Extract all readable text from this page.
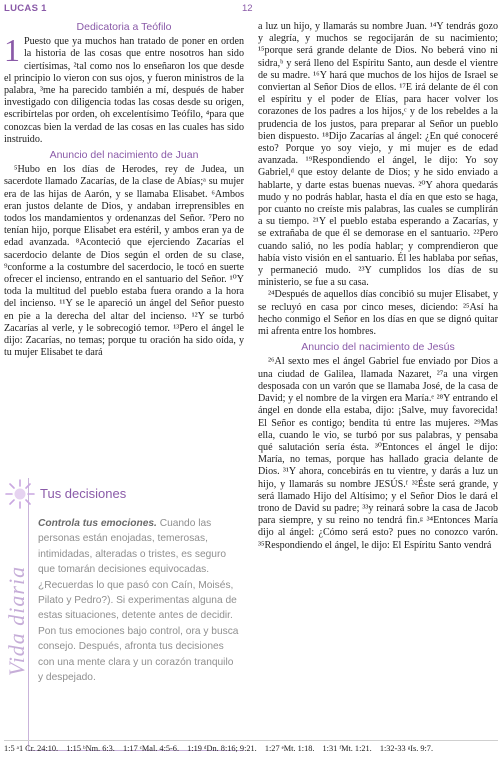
LUCAS 1	12
Dedicatoria a Teófilo

1 Puesto que ya muchos han tratado de poner en orden la historia de las cosas que entre nosotros han sido ciertísimas, ²tal como nos lo enseñaron los que desde el principio lo vieron con sus ojos, y fueron ministros de la palabra, ³me ha parecido también a mí, después de haber investigado con diligencia todas las cosas desde su origen, escribírtelas por orden, oh excelentísimo Teófilo, ⁴para que conozcas bien la verdad de las cosas en las cuales has sido instruido.

Anuncio del nacimiento de Juan

⁵Hubo en los días de Herodes, rey de Judea, un sacerdote llamado Zacarías, de la clase de Abías;ᵃ su mujer era de las hijas de Aarón, y se llamaba Elisabet. ⁶Ambos eran justos delante de Dios, y andaban irreprensibles en todos los mandamientos y ordenanzas del Señor. ⁷Pero no tenían hijo, porque Elisabet era estéril, y ambos eran ya de edad avanzada. ⁸Aconteció que ejerciendo Zacarías el sacerdocio delante de Dios según el orden de su clase, ⁹conforme a la costumbre del sacerdocio, le tocó en suerte ofrecer el incienso, entrando en el santuario del Señor. ¹⁰Y toda la multitud del pueblo estaba fuera orando a la hora del incienso. ¹¹Y se le apareció un ángel del Señor puesto en pie a la derecha del altar del incienso. ¹²Y se turbó Zacarías al verle, y le sobrecogió temor. ¹³Pero el ángel le dijo: Zacarías, no temas; porque tu oración ha sido oída, y tu mujer Elisabet te dará

Vida diaria
Tus decisiones
Controla tus emociones. Cuando las personas están enojadas, temerosas, intimidadas, alteradas o tristes, es seguro que tomarán decisiones equivocadas. ¿Recuerdas lo que pasó con Caín, Moisés, Pilato y Pedro?). Si experimentas alguna de estas situaciones, detente antes de decidir. Pon tus emociones bajo control, ora y busca consejo. Después, afronta tus decisiones con una mente clara y un corazón tranquilo y despejado.

a luz un hijo, y llamarás su nombre Juan. ¹⁴Y tendrás gozo y alegría, y muchos se regocijarán de su nacimiento; ¹⁵porque será grande delante de Dios. No beberá vino ni sidra,ᵇ y será lleno del Espíritu Santo, aun desde el vientre de su madre. ¹⁶Y hará que muchos de los hijos de Israel se conviertan al Señor Dios de ellos. ¹⁷E irá delante de él con el espíritu y el poder de Elías, para hacer volver los corazones de los padres a los hijos,ᶜ y de los rebeldes a la prudencia de los justos, para preparar al Señor un pueblo bien dispuesto. ¹⁸Dijo Zacarías al ángel: ¿En qué conoceré esto? Porque yo soy viejo, y mi mujer es de edad avanzada. ¹⁹Respondiendo el ángel, le dijo: Yo soy Gabriel,ᵈ que estoy delante de Dios; y he sido enviado a hablarte, y darte estas buenas nuevas. ²⁰Y ahora quedarás mudo y no podrás hablar, hasta el día en que esto se haga, por cuanto no creíste mis palabras, las cuales se cumplirán a su tiempo. ²¹Y el pueblo estaba esperando a Zacarías, y se extrañaba de que él se demorase en el santuario. ²²Pero cuando salió, no les podía hablar; y comprendieron que había visto visión en el santuario. Él les hablaba por señas, y permaneció mudo. ²³Y cumplidos los días de su ministerio, se fue a su casa.

²⁴Después de aquellos días concibió su mujer Elisabet, y se recluyó en casa por cinco meses, diciendo: ²⁵Así ha hecho conmigo el Señor en los días en que se dignó quitar mi afrenta entre los hombres.

Anuncio del nacimiento de Jesús

²⁶Al sexto mes el ángel Gabriel fue enviado por Dios a una ciudad de Galilea, llamada Nazaret, ²⁷a una virgen desposada con un varón que se llamaba José, de la casa de David; y el nombre de la virgen era María.ᵉ ²⁸Y entrando el ángel en donde ella estaba, dijo: ¡Salve, muy favorecida! El Señor es contigo; bendita tú entre las mujeres. ²⁹Mas ella, cuando le vio, se turbó por sus palabras, y pensaba qué salutación sería ésta. ³⁰Entonces el ángel le dijo: María, no temas, porque has hallado gracia delante de Dios. ³¹Y ahora, concebirás en tu vientre, y darás a luz un hijo, y llamarás su nombre JESÚS.ᶠ ³²Éste será grande, y será llamado Hijo del Altísimo; y el Señor Dios le dará el trono de David su padre; ³³y reinará sobre la casa de Jacob para siempre, y su reino no tendrá fin.ᵍ ³⁴Entonces María dijo al ángel: ¿Cómo será esto? pues no conozco varón. ³⁵Respondiendo el ángel, le dijo: El Espíritu Santo vendrá

1:5 ᵃ1 Cr. 24:10. 1:15 ᵇNm. 6:3. 1:17 ᶜMal. 4:5-6. 1:19 ᵈDn. 8:16; 9:21. 1:27 ᵉMt. 1:18. 1:31 ᶠMt. 1:21. 1:32-33 ᵍIs. 9:7.
